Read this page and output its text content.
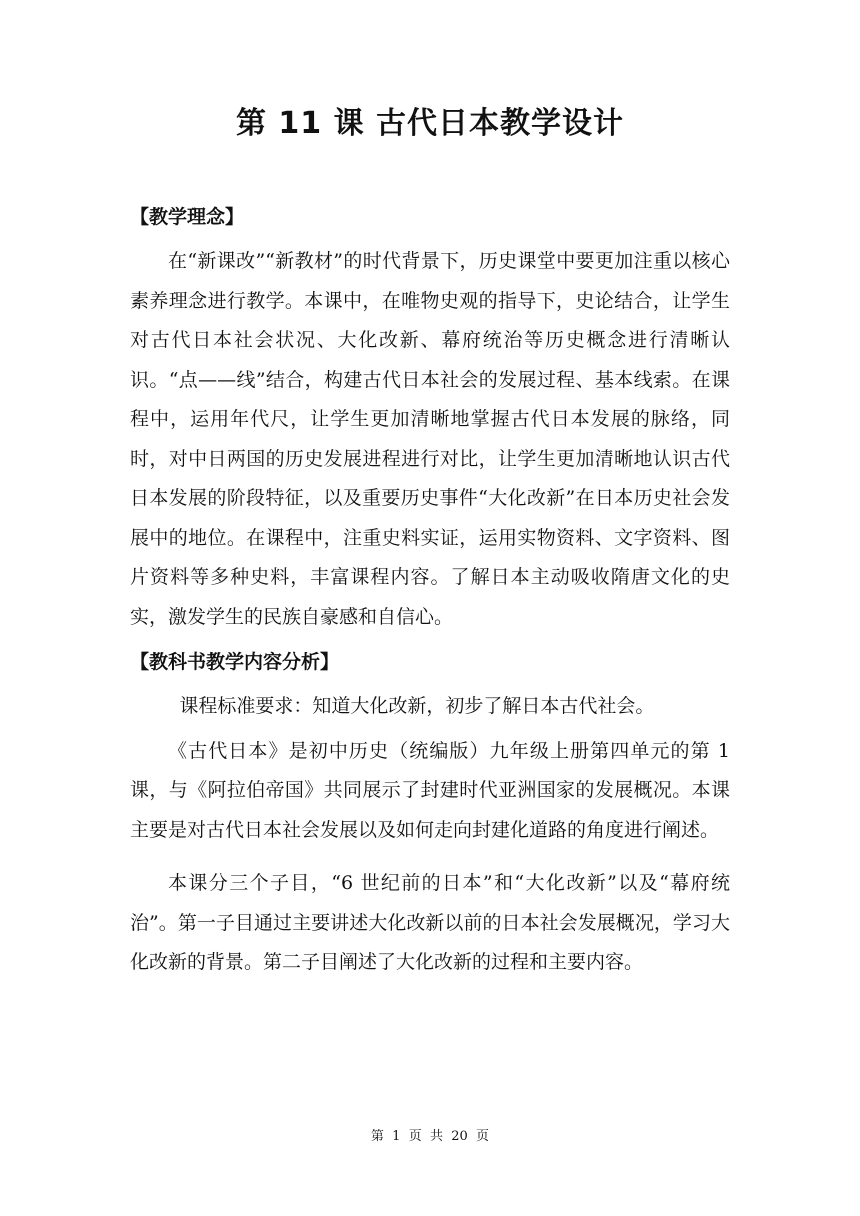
第 11 课 古代日本教学设计

【教学理念】

在“新课改”“新教材”的时代背景下，历史课堂中要更加注重以核心素养理念进行教学。本课中，在唯物史观的指导下，史论结合，让学生对古代日本社会状况、大化改新、幕府统治等历史概念进行清晰认识。“点——线”结合，构建古代日本社会的发展过程、基本线索。在课程中，运用年代尺，让学生更加清晰地掌握古代日本发展的脉络，同时，对中日两国的历史发展进程进行对比，让学生更加清晰地认识古代日本发展的阶段特征，以及重要历史事件“大化改新”在日本历史社会发展中的地位。在课程中，注重史料实证，运用实物资料、文字资料、图片资料等多种史料，丰富课程内容。了解日本主动吸收隋唐文化的史实，激发学生的民族自豪感和自信心。

【教科书教学内容分析】

课程标准要求：知道大化改新，初步了解日本古代社会。

《古代日本》是初中历史（统编版）九年级上册第四单元的第 1 课，与《阿拉伯帝国》共同展示了封建时代亚洲国家的发展概况。本课主要是对古代日本社会发展以及如何走向封建化道路的角度进行阐述。

本课分三个子目，“6 世纪前的日本”和“大化改新”以及“幕府统治”。第一子目通过主要讲述大化改新以前的日本社会发展概况，学习大化改新的背景。第二子目阐述了大化改新的过程和主要内容。

第  1  页  共  20  页
